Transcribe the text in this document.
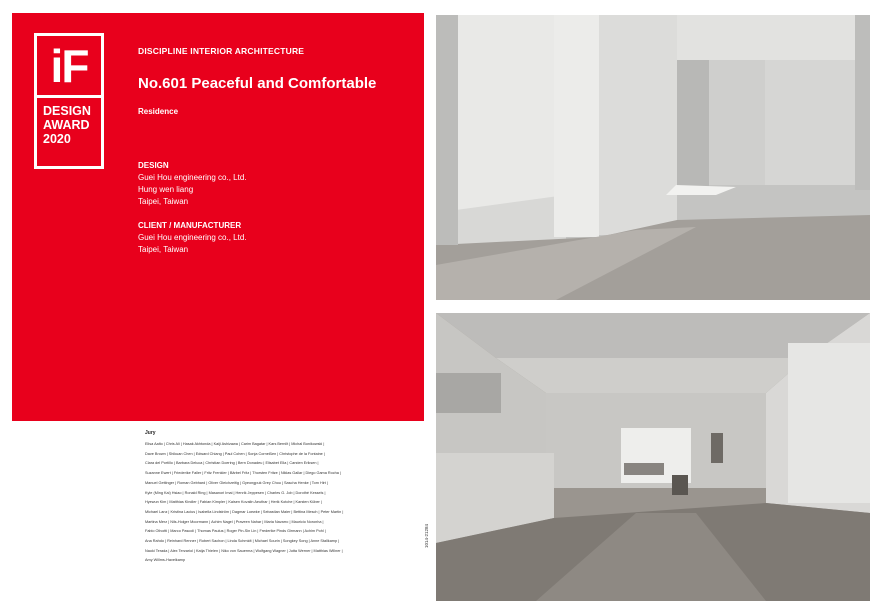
iF
DESIGN
AWARD
2020
DISCIPLINE INTERIOR ARCHITECTURE
No.601 Peaceful and Comfortable
Residence
DESIGN
Guei Hou engineering co., Ltd.
Hung wen liang
Taipei, Taiwan
CLIENT / MANUFACTURER
Guei Hou engineering co., Ltd.
Taipei, Taiwan
Jury
Elisa Aalto | Chris Ali | Hasak Akhtonda | Kaiji Ashizawa | Carim Bagatar | Kars Bernilt | Michal Bonikowski |
Dave Brown | Shikuan Chen | Edward Chiang | Paul Cohen | Sonja Cornelßen | Christophe de la Fontaine |
Clara del Portillo | Barbara Deluca | Christian Doering | Bern Donadeu | Elisabet Ella | Carsten Eriksen |
Suzanne Ewert | Friederike Faller | Fritz Frenkler | Bärbel Fritz | Thorsten Fritze | Niklas Gallar | Diego Gama Rocha |
Manuel Gettinger | Roman Gebhard | Oliver Gleichzeitig | Gyeongpuk Grey Chou | Sascha Henke | Tom Hirt |
Kyle (Ming Kai) Hsiao | Ronald Ring | Masanori Imai | Henrik Jeppesen | Charles G. Job | Dorothé Kessels |
Hyewun Kim | Matthias Kindler | Fabian Kimpler | Kaisen Kovalin Aeuthar | Herik Kotche | Karsten Küber |
Michael Lanz | Kristina Lacius | Isabella Lindström | Dagmar Loewke | Sebastian Maier | Bettina Mesch | Peter Martin |
Martina Merz | Nils-Holger Moormann | Achim Nagel | Praveen Nahar | Maria Navarro | Mauricio Noronha |
Fabio Olivotti | Marco Pascoli | Thomas Paulus | Roger Pin-Sin Lin | Frederike Pinds Girmann | Achim Pohl |
Ana Rahdo | Reinhard Renner | Robert Sachon | Linda Schmidt | Michael Sourin | Songkey Song | Anne Stallkamp |
Naoki Terada | Alex Terzariol | Katja Thielen | Niko von Sauerma | Wolfgang Wagner | Jutta Werner | Matthias Willner |
Amy Willms-Havelkamp
1014-21284
